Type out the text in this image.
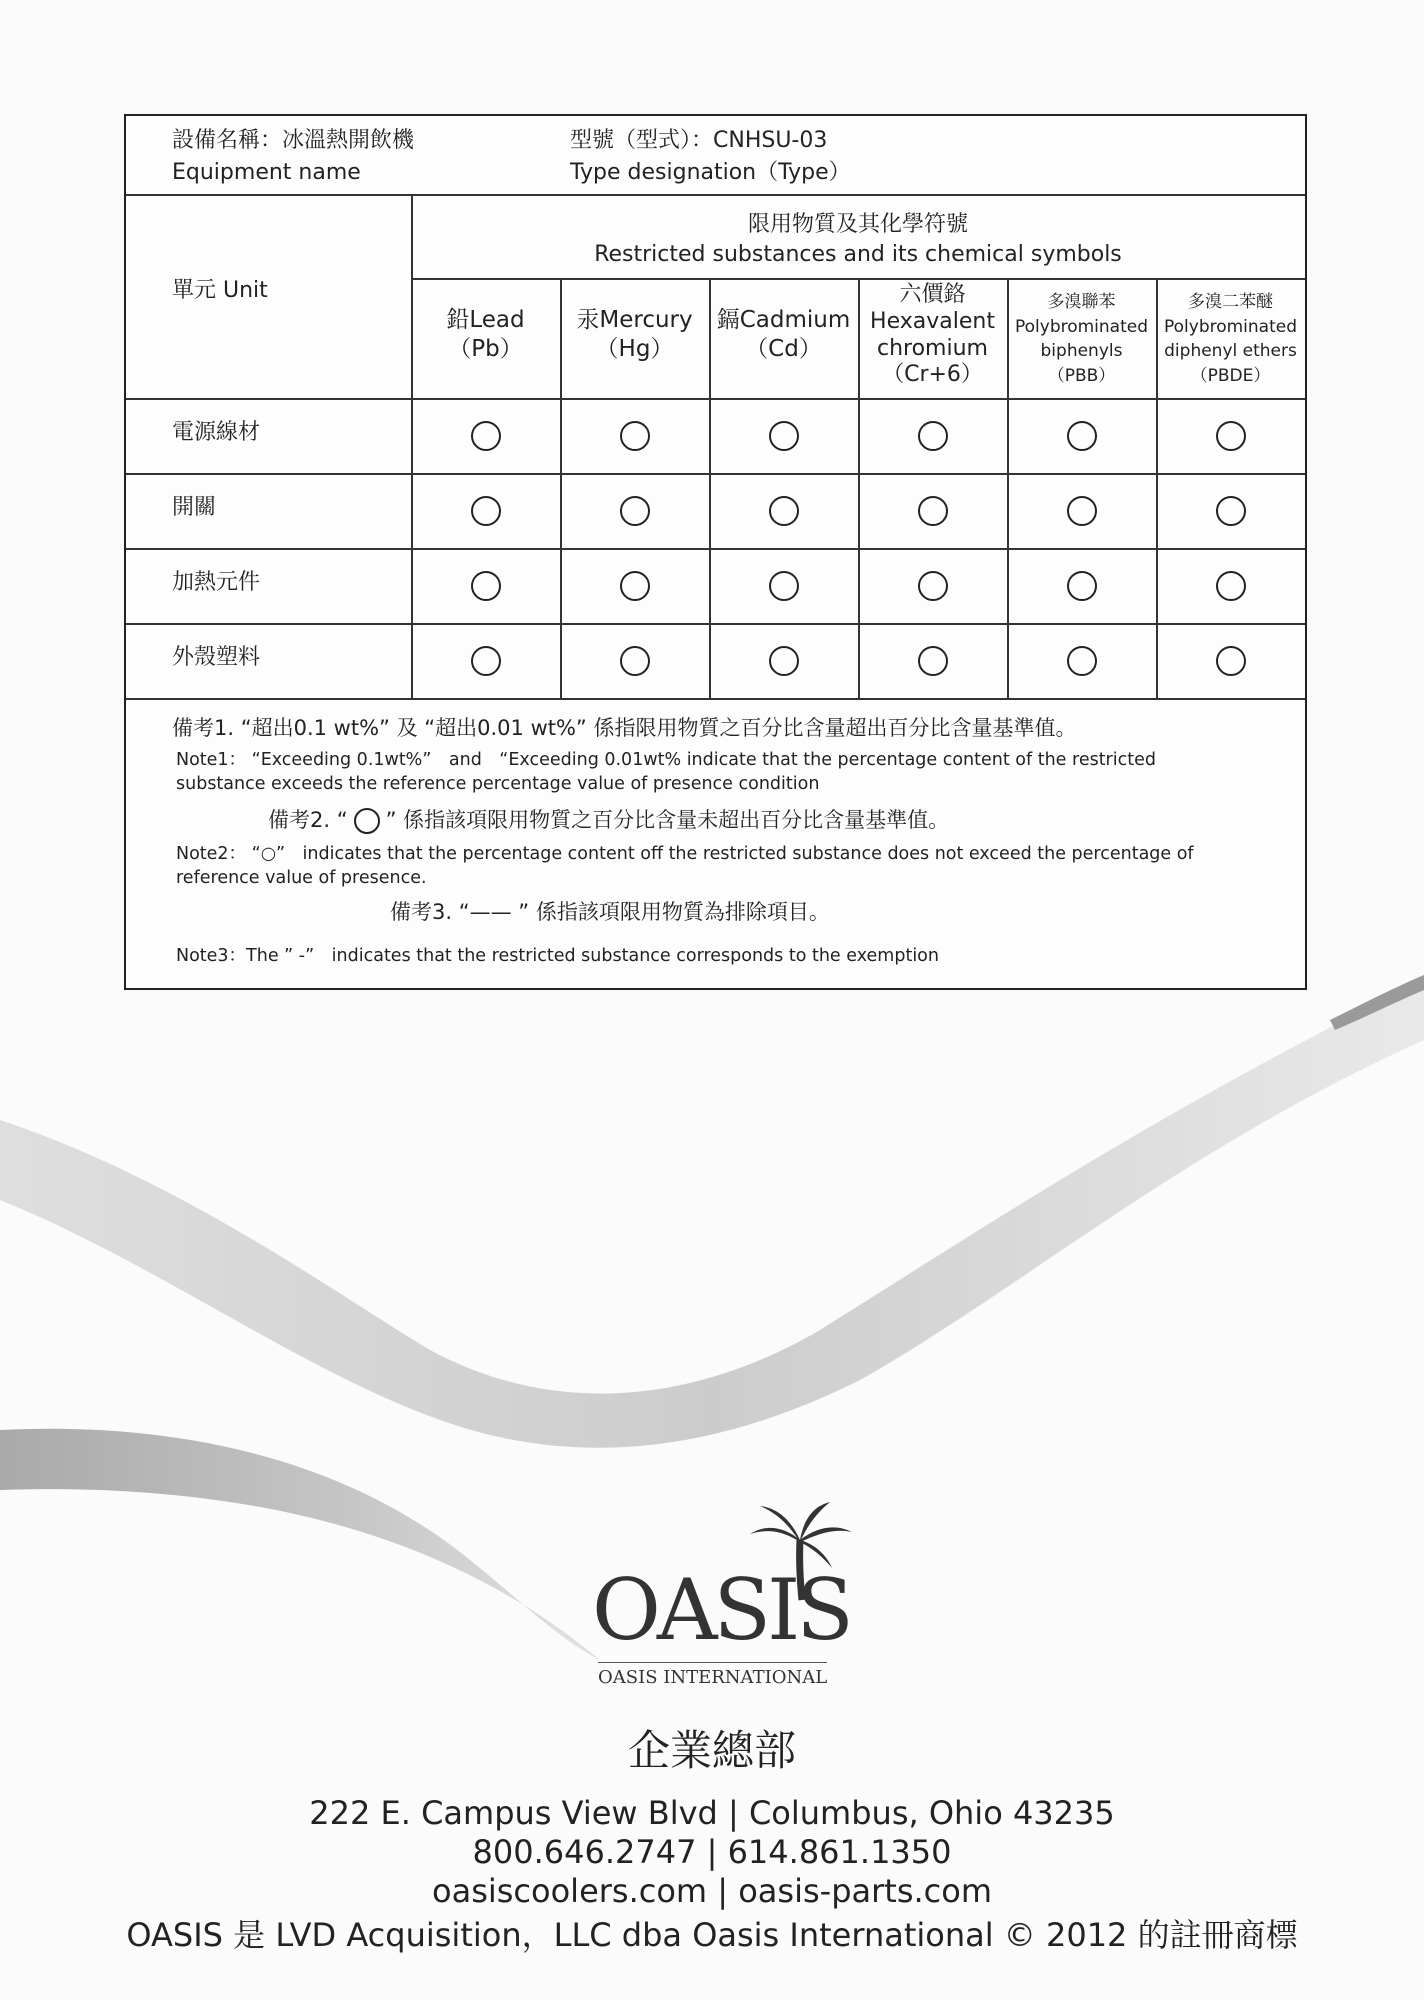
設備名稱：冰溫熱開飲機
Equipment name
型號（型式）：CNHSU-03
Type designation（Type）
單元 Unit
限用物質及其化學符號
Restricted substances and its chemical symbols
鉛Lead
（Pb）
汞Mercury
（Hg）
鎘Cadmium
（Cd）
六價鉻
Hexavalent
chromium
（Cr+6）
多溴聯苯
Polybrominated
biphenyls
（PBB）
多溴二苯醚
Polybrominated
diphenyl ethers
（PBDE）
電源線材
開關
加熱元件
外殼塑料
備考1. “超出0.1 wt%” 及 “超出0.01 wt%” 係指限用物質之百分比含量超出百分比含量基準值。
Note1： “Exceeding 0.1wt%”　and　“Exceeding 0.01wt% indicate that the percentage content of the restricted
substance exceeds the reference percentage value of presence condition
備考2. “ ” 係指該項限用物質之百分比含量未超出百分比含量基準值。
Note2： “○”　indicates that the percentage content off the restricted substance does not exceed the percentage of
reference value of presence.
備考3. “—— ” 係指該項限用物質為排除項目。
Note3：The ” -”　indicates that the restricted substance corresponds to the exemption
OASIS
OASIS INTERNATIONAL
企業總部
222 E. Campus View Blvd | Columbus, Ohio 43235
800.646.2747 | 614.861.1350
oasiscoolers.com | oasis-parts.com
OASIS 是 LVD Acquisition，LLC dba Oasis International © 2012 的註冊商標
